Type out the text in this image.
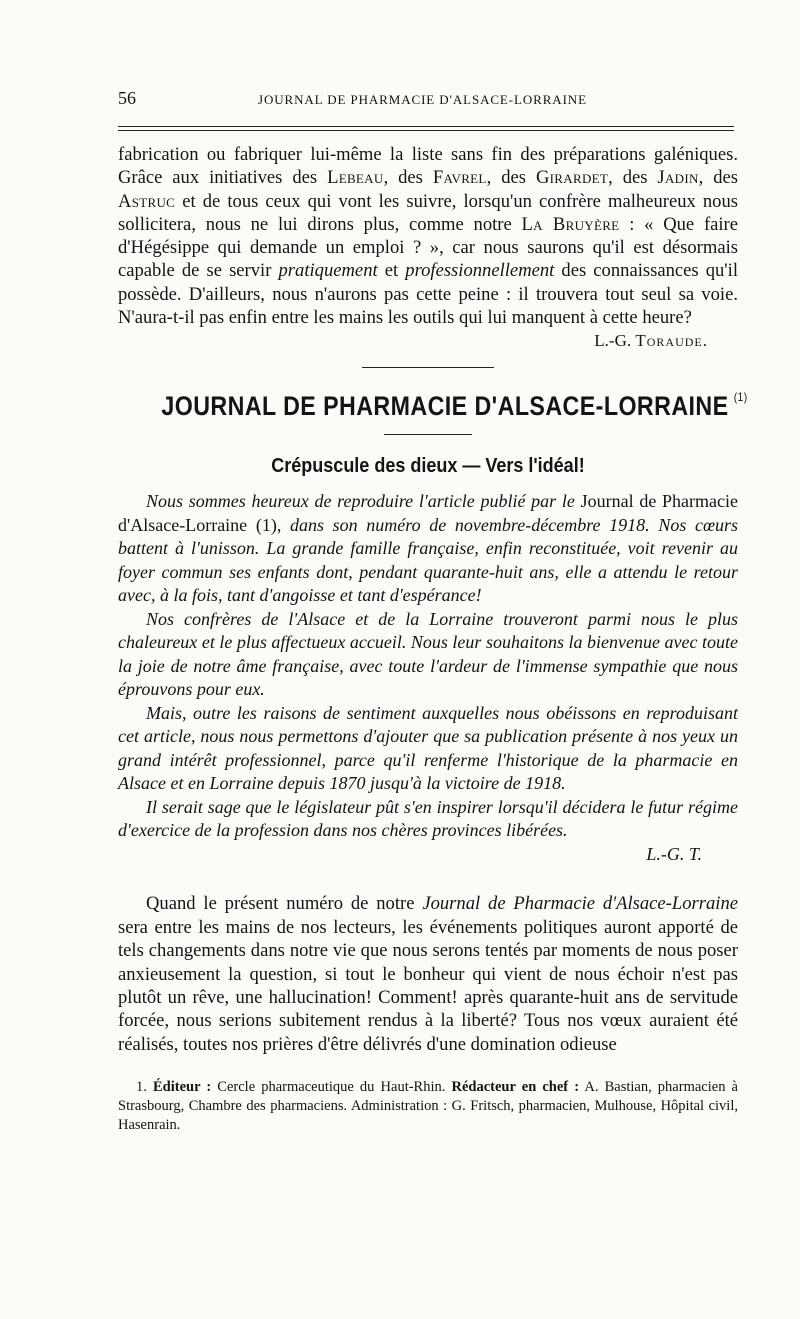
56	JOURNAL DE PHARMACIE D'ALSACE-LORRAINE

fabrication ou fabriquer lui-même la liste sans fin des préparations galéniques. Grâce aux initiatives des Lebeau, des Favrel, des Girardet, des Jadin, des Astruc et de tous ceux qui vont les suivre, lorsqu'un confrère malheureux nous sollicitera, nous ne lui dirons plus, comme notre La Bruyère : « Que faire d'Hégésippe qui demande un emploi ? », car nous saurons qu'il est désormais capable de se servir pratiquement et professionnellement des connaissances qu'il possède. D'ailleurs, nous n'aurons pas cette peine : il trouvera tout seul sa voie. N'aura-t-il pas enfin entre les mains les outils qui lui manquent à cette heure?

L.-G. Toraude.
JOURNAL DE PHARMACIE D'ALSACE-LORRAINE $^{(1)}$
Crépuscule des dieux — Vers l'idéal!

Nous sommes heureux de reproduire l'article publié par le Journal de Pharmacie d'Alsace-Lorraine (1), dans son numéro de novembre-décembre 1918. Nos cœurs battent à l'unisson. La grande famille française, enfin reconstituée, voit revenir au foyer commun ses enfants dont, pendant quarante-huit ans, elle a attendu le retour avec, à la fois, tant d'angoisse et tant d'espérance!

Nos confrères de l'Alsace et de la Lorraine trouveront parmi nous le plus chaleureux et le plus affectueux accueil. Nous leur souhaitons la bienvenue avec toute la joie de notre âme française, avec toute l'ardeur de l'immense sympathie que nous éprouvons pour eux.

Mais, outre les raisons de sentiment auxquelles nous obéissons en reproduisant cet article, nous nous permettons d'ajouter que sa publication présente à nos yeux un grand intérêt professionnel, parce qu'il renferme l'historique de la pharmacie en Alsace et en Lorraine depuis 1870 jusqu'à la victoire de 1918.

Il serait sage que le législateur pût s'en inspirer lorsqu'il décidera le futur régime d'exercice de la profession dans nos chères provinces libérées.

L.-G. T.

Quand le présent numéro de notre Journal de Pharmacie d'Alsace-Lorraine sera entre les mains de nos lecteurs, les événements politiques auront apporté de tels changements dans notre vie que nous serons tentés par moments de nous poser anxieusement la question, si tout le bonheur qui vient de nous échoir n'est pas plutôt un rêve, une hallucination! Comment! après quarante-huit ans de servitude forcée, nous serions subitement rendus à la liberté? Tous nos vœux auraient été réalisés, toutes nos prières d'être délivrés d'une domination odieuse

1. Éditeur : Cercle pharmaceutique du Haut-Rhin. Rédacteur en chef : A. Bastian, pharmacien à Strasbourg, Chambre des pharmaciens. Administration : G. Fritsch, pharmacien, Mulhouse, Hôpital civil, Hasenrain.
